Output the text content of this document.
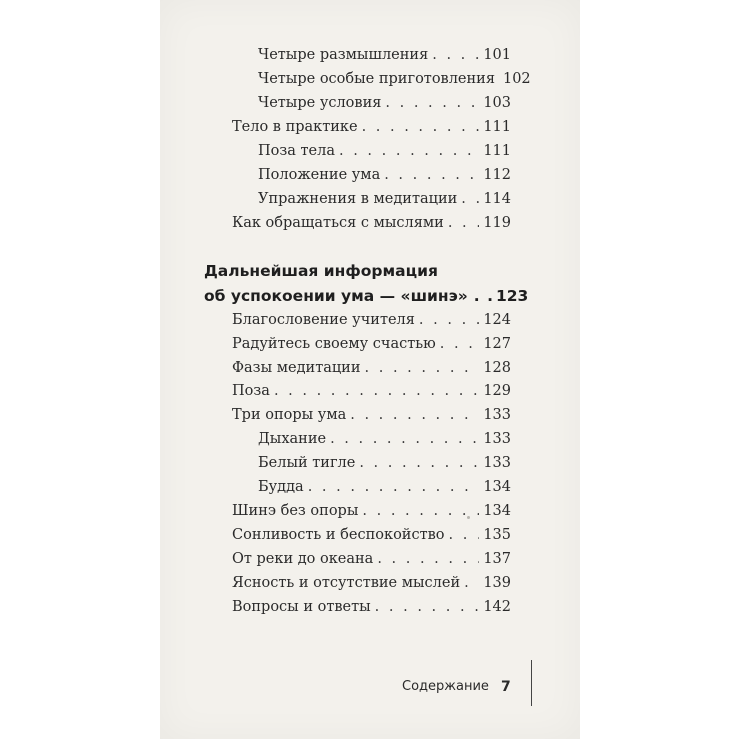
Четыре размышления . . .	101
Четыре особые приготовления 102
Четыре условия . . .	103
Тело в практике . . .	111
Поза тела . . .	111
Положение ума . . .	112
Упражнения в медитации . . . 114
Как обращаться с мыслями . . .	119
Дальнейшая информация
об успокоении ума — «шинэ» . . 123
Благословение учителя . . .	124
Радуйтесь своему счастью . . .	127
Фазы медитации . . .	128
Поза . . .	129
Три опоры ума . . .	133
Дыхание . . .	133
Белый тигле . . .	133
Будда . . .	134
Шинэ без опоры . . .	134
Сонливость и беспокойство . . .	135
От реки до океана . . .	137
Ясность и отсутствие мыслей . . . 139
Вопросы и ответы . . .	142
Содержание 7
